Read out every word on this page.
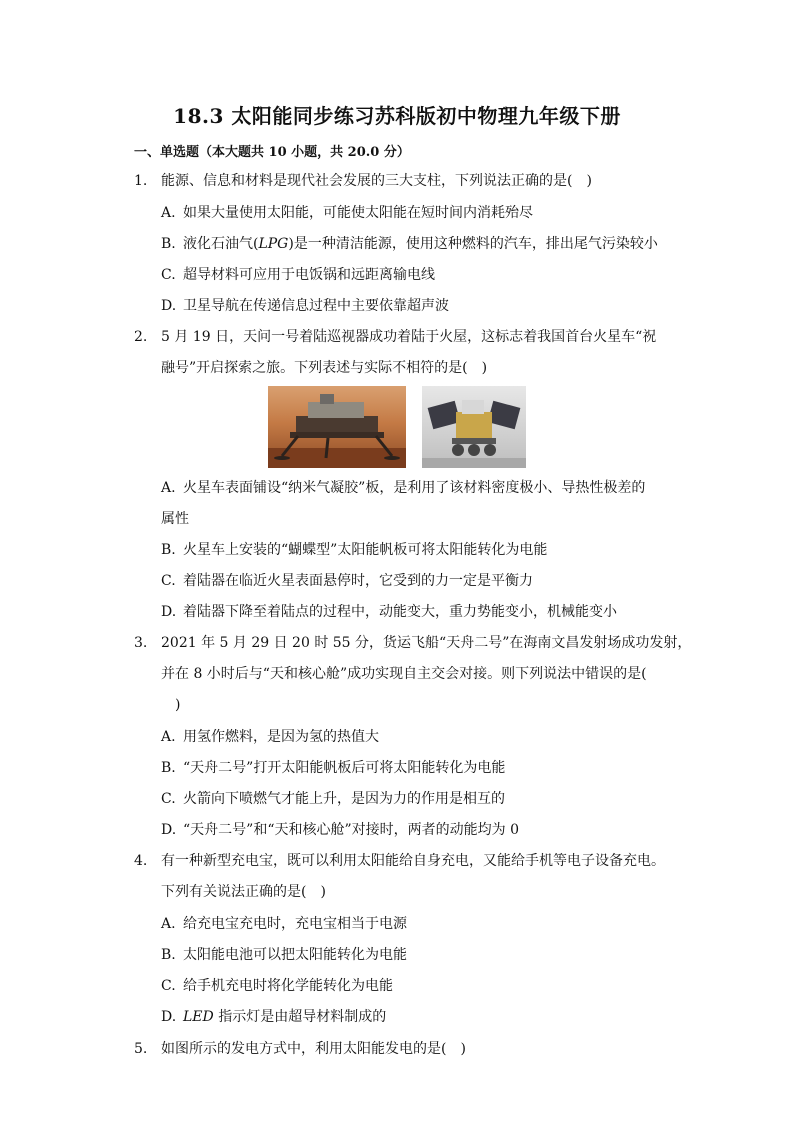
18.3 太阳能同步练习苏科版初中物理九年级下册
一、单选题（本大题共 10 小题，共 20.0 分）
1. 能源、信息和材料是现代社会发展的三大支柱，下列说法正确的是(　)
A. 如果大量使用太阳能，可能使太阳能在短时间内消耗殆尽
B. 液化石油气(LPG)是一种清洁能源，使用这种燃料的汽车，排出尾气污染较小
C. 超导材料可应用于电饭锅和远距离输电线
D. 卫星导航在传递信息过程中主要依靠超声波
2. 5 月 19 日，天问一号着陆巡视器成功着陆于火屋，这标志着我国首台火星车“祝
融号”开启探索之旅。下列表述与实际不相符的是(　)
A. 火星车表面铺设“纳米气凝胶”板，是利用了该材料密度极小、导热性极差的
属性
B. 火星车上安装的“蝴蝶型”太阳能帆板可将太阳能转化为电能
C. 着陆器在临近火星表面悬停时，它受到的力一定是平衡力
D. 着陆器下降至着陆点的过程中，动能变大，重力势能变小，机械能变小
3. 2021 年 5 月 29 日 20 时 55 分，货运飞船“天舟二号”在海南文昌发射场成功发射，
并在 8 小时后与“天和核心舱”成功实现自主交会对接。则下列说法中错误的是(
　)
A. 用氢作燃料，是因为氢的热值大
B. “天舟二号”打开太阳能帆板后可将太阳能转化为电能
C. 火箭向下喷燃气才能上升，是因为力的作用是相互的
D. “天舟二号”和“天和核心舱”对接时，两者的动能均为 0
4. 有一种新型充电宝，既可以利用太阳能给自身充电，又能给手机等电子设备充电。
下列有关说法正确的是(　)
A. 给充电宝充电时，充电宝相当于电源
B. 太阳能电池可以把太阳能转化为电能
C. 给手机充电时将化学能转化为电能
D. LED 指示灯是由超导材料制成的
5. 如图所示的发电方式中，利用太阳能发电的是(　)
